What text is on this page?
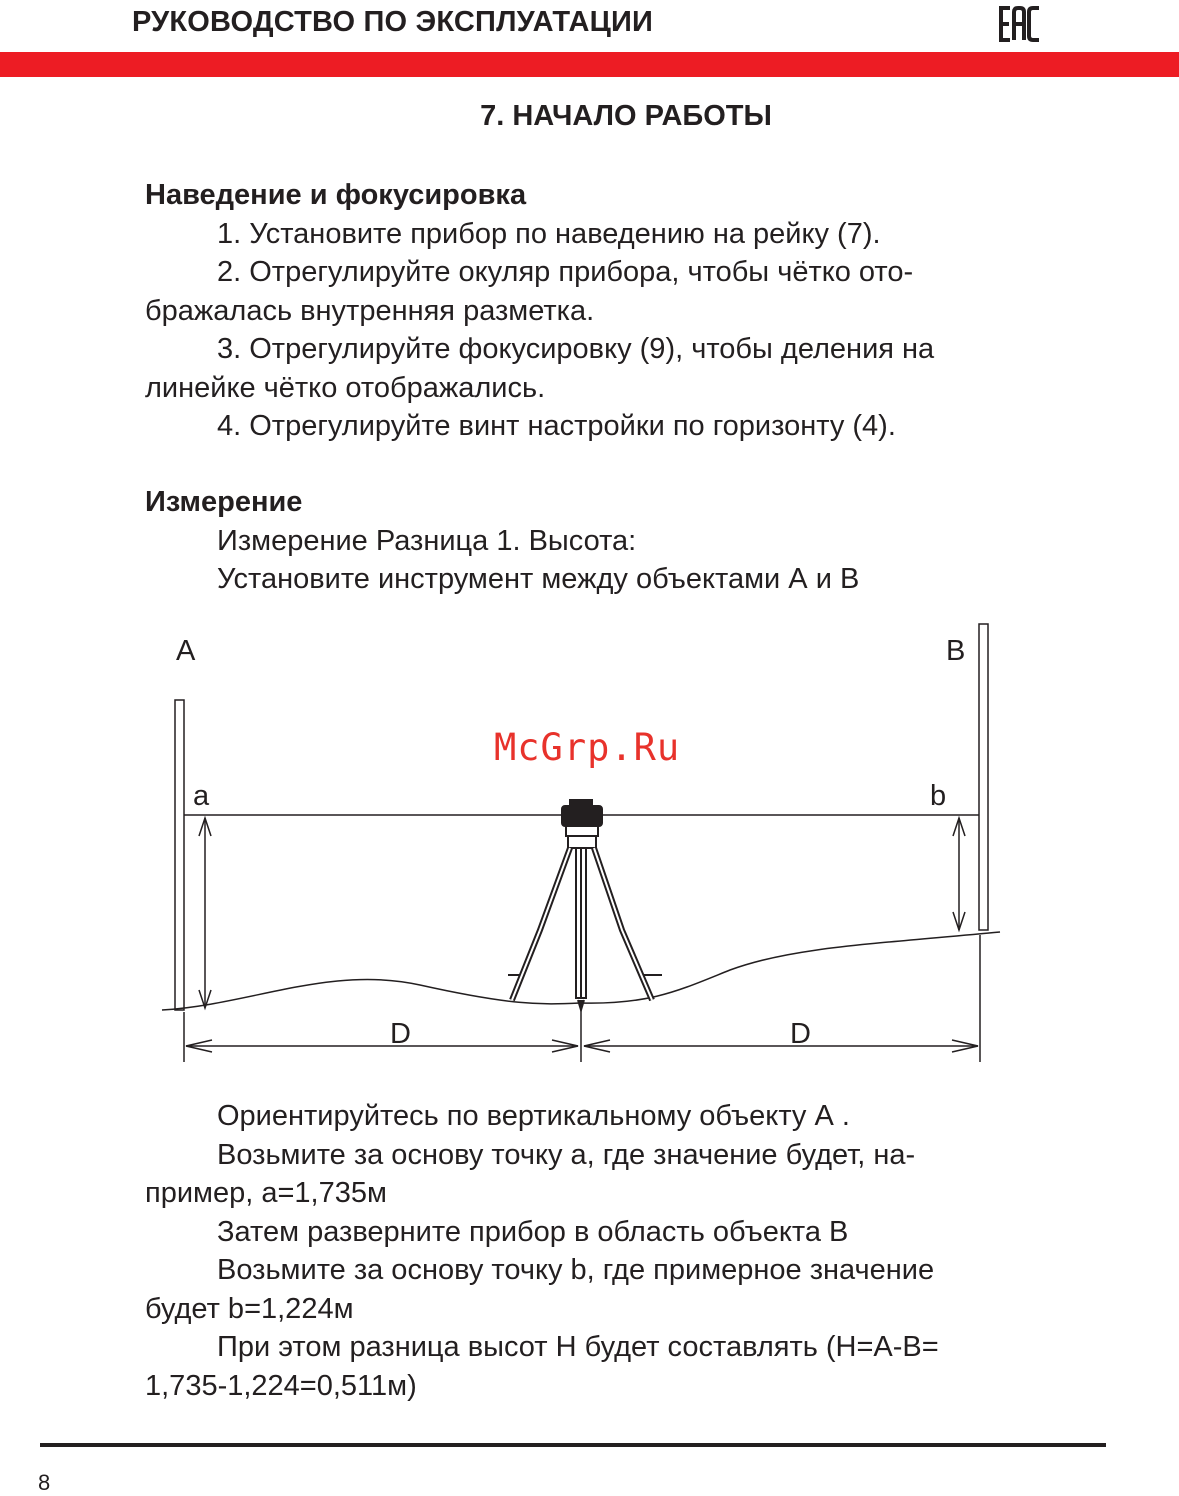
РУКОВОДСТВО ПО ЭКСПЛУАТАЦИИ
7. НАЧАЛО РАБОТЫ

Наведение и фокусировка

1. Установите прибор по наведению на рейку (7).

2. Отрегулируйте окуляр прибора, чтобы чётко ото-

бражалась внутренняя разметка.

3. Отрегулируйте фокусировку (9), чтобы деления на

линейке чётко отображались.

4. Отрегулируйте винт настройки по горизонту (4).

Измерение

Измерение Разница 1. Высота:

Установите инструмент между объектами А и В

A	B
a	b
D	D
McGrp.Ru

Ориентируйтесь по вертикальному объекту А .

Возьмите за основу точку а, где значение будет, на-

пример, а=1,735м

Затем разверните прибор в область объекта В

Возьмите за основу точку b, где примерное значение

будет b=1,224м

При этом разница высот H будет составлять (H=A-B=

1,735-1,224=0,511м)

8
